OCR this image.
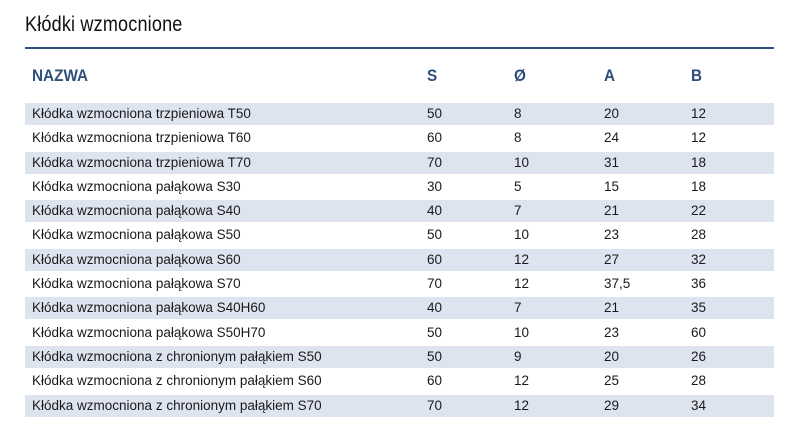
Kłódki wzmocnione
NAZWA	S	Ø	A	B
Kłódka wzmocniona trzpieniowa T50	50	8	20	12
Kłódka wzmocniona trzpieniowa T60	60	8	24	12
Kłódka wzmocniona trzpieniowa T70	70	10	31	18
Kłódka wzmocniona pałąkowa S30	30	5	15	18
Kłódka wzmocniona pałąkowa S40	40	7	21	22
Kłódka wzmocniona pałąkowa S50	50	10	23	28
Kłódka wzmocniona pałąkowa S60	60	12	27	32
Kłódka wzmocniona pałąkowa S70	70	12	37,5	36
Kłódka wzmocniona pałąkowa S40H60	40	7	21	35
Kłódka wzmocniona pałąkowa S50H70	50	10	23	60
Kłódka wzmocniona z chronionym pałąkiem S50	50	9	20	26
Kłódka wzmocniona z chronionym pałąkiem S60	60	12	25	28
Kłódka wzmocniona z chronionym pałąkiem S70	70	12	29	34
